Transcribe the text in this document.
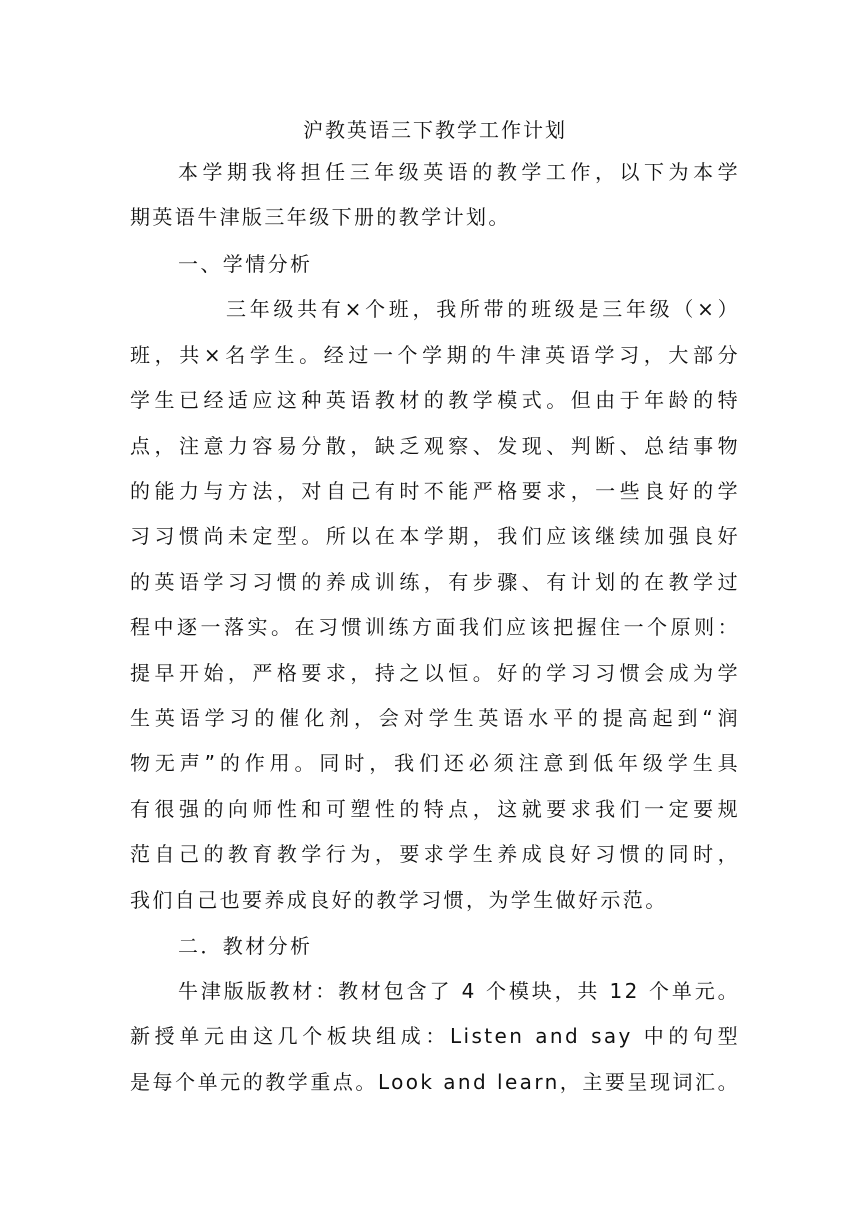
沪教英语三下教学工作计划
本学期我将担任三年级英语的教学工作，以下为本学
期英语牛津版三年级下册的教学计划。
一、学情分析
三年级共有×个班，我所带的班级是三年级（×）
班，共×名学生。经过一个学期的牛津英语学习，大部分
学生已经适应这种英语教材的教学模式。但由于年龄的特
点，注意力容易分散，缺乏观察、发现、判断、总结事物
的能力与方法，对自己有时不能严格要求，一些良好的学
习习惯尚未定型。所以在本学期，我们应该继续加强良好
的英语学习习惯的养成训练，有步骤、有计划的在教学过
程中逐一落实。在习惯训练方面我们应该把握住一个原则：
提早开始，严格要求，持之以恒。好的学习习惯会成为学
生英语学习的催化剂，会对学生英语水平的提高起到“润
物无声”的作用。同时，我们还必须注意到低年级学生具
有很强的向师性和可塑性的特点，这就要求我们一定要规
范自己的教育教学行为，要求学生养成良好习惯的同时，
我们自己也要养成良好的教学习惯，为学生做好示范。
二．教材分析
牛津版版教材：教材包含了 4 个模块，共 12 个单元。
新授单元由这几个板块组成：Listen and say 中的句型
是每个单元的教学重点。Look and learn，主要呈现词汇。
